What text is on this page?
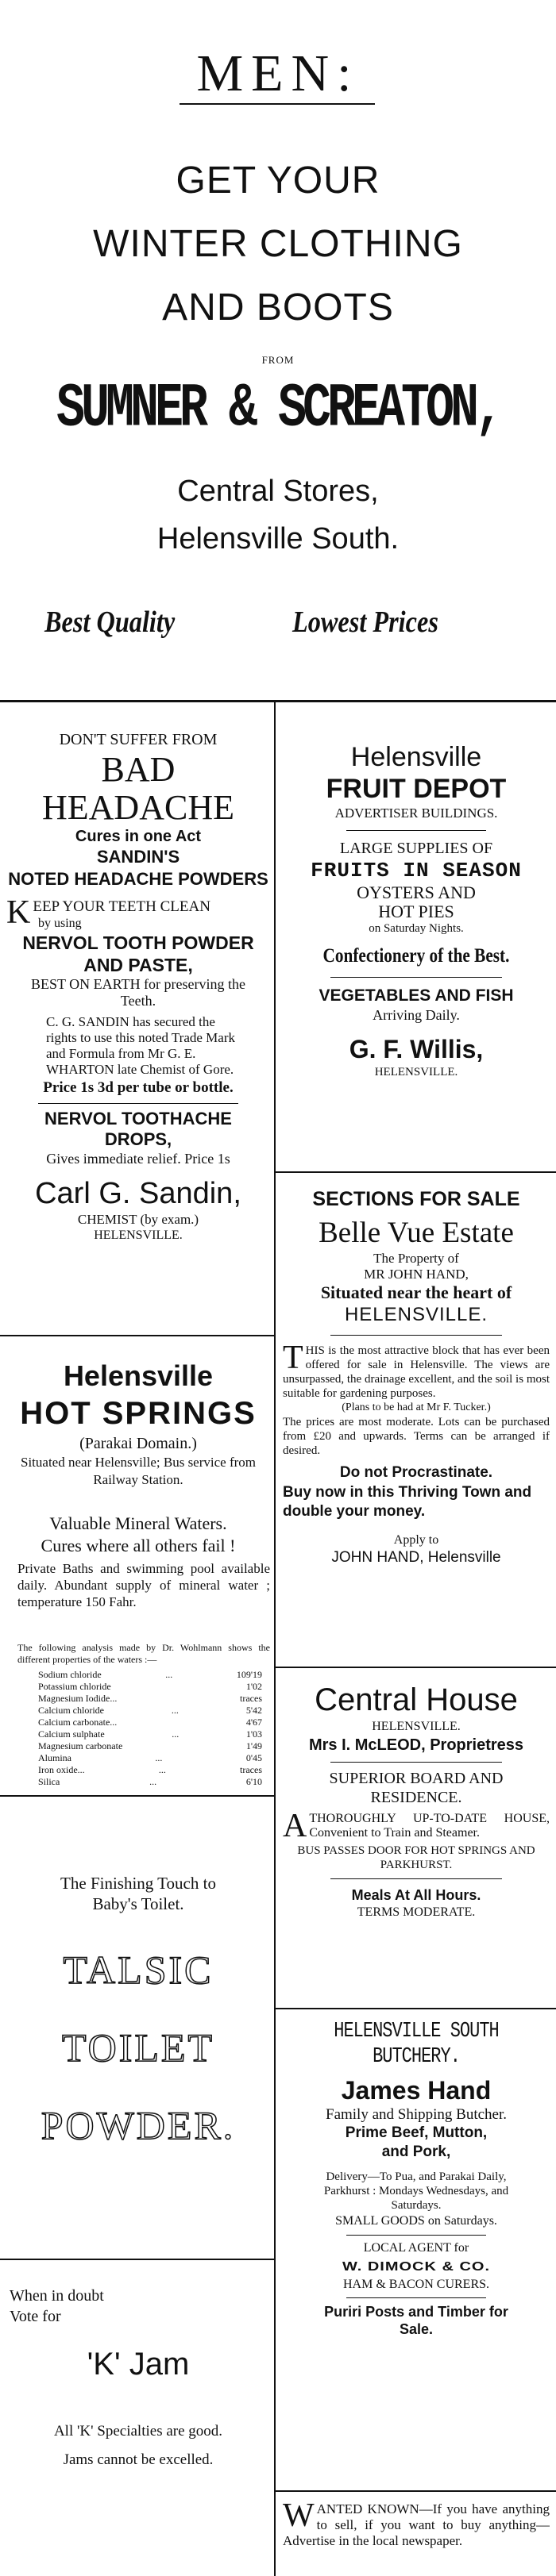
MEN:
GET YOUR
WINTER CLOTHING
AND BOOTS
FROM
SUMNER & SCREATON,
Central Stores,
Helensville South.
Best Quality	Lowest Prices
DON'T SUFFER FROM
BAD HEADACHE
Cures in one Act
SANDIN'S
NOTED HEADACHE POWDERS
K EEP YOUR TEETH CLEAN
by using
NERVOL TOOTH POWDER
AND PASTE,
BEST ON EARTH for preserving the Teeth.
C. G. SANDIN has secured the rights to use this noted Trade Mark and Formula from Mr G. E. WHARTON late Chemist of Gore.
Price 1s 3d per tube or bottle.
NERVOL TOOTHACHE
DROPS,
Gives immediate relief. Price 1s
Carl G. Sandin,
CHEMIST (by exam.)
HELENSVILLE.
Helensville
HOT SPRINGS
(Parakai Domain.)
Situated near Helensville; Bus service from Railway Station.
Valuable Mineral Waters.
Cures where all others fail !
Private Baths and swimming pool available daily. Abundant supply of mineral water ; temperature 150 Fahr.
The following analysis made by Dr. Wohlmann shows the different properties of the waters :—
Sodium chloride	...	109'19
Potassium chloride	1'02
Magnesium Iodide...	traces
Calcium chloride	...	5'42
Calcium carbonate...	4'67
Calcium sulphate	...	1'03
Magnesium carbonate	1'49
Alumina	...	0'45
Iron oxide...	...	traces
Silica	...	6'10
The Finishing Touch to
Baby's Toilet.
TALSIC
TOILET
POWDER.
When in doubt
Vote for
'K' Jam
All 'K' Specialties are good.
Jams cannot be excelled.
Helensville
FRUIT DEPOT
ADVERTISER BUILDINGS.
LARGE SUPPLIES OF
FRUITS IN SEASON
OYSTERS AND
HOT PIES
on Saturday Nights.
Confectionery of the Best.
VEGETABLES AND FISH
Arriving Daily.
G. F. Willis,
HELENSVILLE.
SECTIONS FOR SALE
Belle Vue Estate
The Property of
MR JOHN HAND,
Situated near the heart of
HELENSVILLE.
T HIS is the most attractive block that has ever been offered for sale in Helensville. The views are unsurpassed, the drainage excellent, and the soil is most suitable for gardening purposes.
(Plans to be had at Mr F. Tucker.)
The prices are most moderate. Lots can be purchased from £20 and upwards. Terms can be arranged if desired.
Do not Procrastinate.
Buy now in this Thriving Town and double your money.
Apply to
JOHN HAND, Helensville
Central House
HELENSVILLE.
Mrs I. McLEOD, Proprietress
SUPERIOR BOARD AND
RESIDENCE.
A THOROUGHLY UP-TO-DATE HOUSE, Convenient to Train and Steamer.
BUS PASSES DOOR FOR HOT SPRINGS AND PARKHURST.
Meals At All Hours.
TERMS MODERATE.
HELENSVILLE SOUTH
BUTCHERY.
James Hand
Family and Shipping Butcher.
Prime Beef, Mutton,
and Pork,
Delivery—To Pua, and Parakai Daily, Parkhurst : Mondays Wednesdays, and Saturdays.
SMALL GOODS on Saturdays.
LOCAL AGENT for
W. DIMOCK & CO.
HAM & BACON CURERS.
Puriri Posts and Timber for Sale.
W ANTED KNOWN—If you have anything to sell, if you want to buy anything—Advertise in the local newspaper.
